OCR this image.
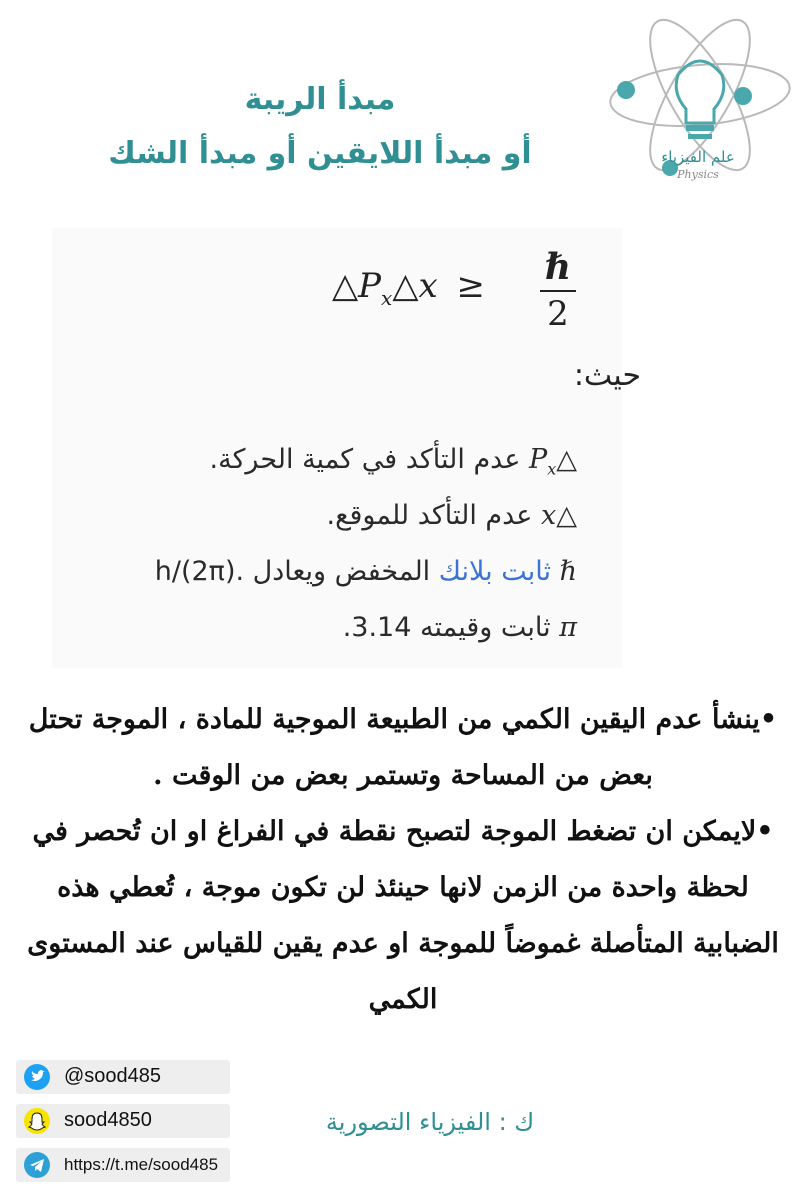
علم الفيزياء
Physics
مبدأ الريبة
أو مبدأ اللايقين أو مبدأ الشك
$\triangle P_x\triangle x$ ≥ ℏ
2
حيث:
$\triangle P_x$ عدم التأكد في كمية الحركة.
△x عدم التأكد للموقع.
ℏ ثابت بلانك المخفض ويعادل h/(2π).
π ثابت وقيمته 3.14.
•ينشأ عدم اليقين الكمي من الطبيعة الموجية للمادة ، الموجة تحتل بعض من المساحة وتستمر بعض من الوقت .
•لايمكن ان تضغط الموجة لتصبح نقطة في الفراغ او ان تُحصر في لحظة واحدة من الزمن لانها حينئذ لن تكون موجة ، تُعطي هذه الضبابية المتأصلة غموضاً للموجة او عدم يقين للقياس عند المستوى الكمي
@sood485
sood4850
https://t.me/sood485
ك : الفيزياء التصورية
